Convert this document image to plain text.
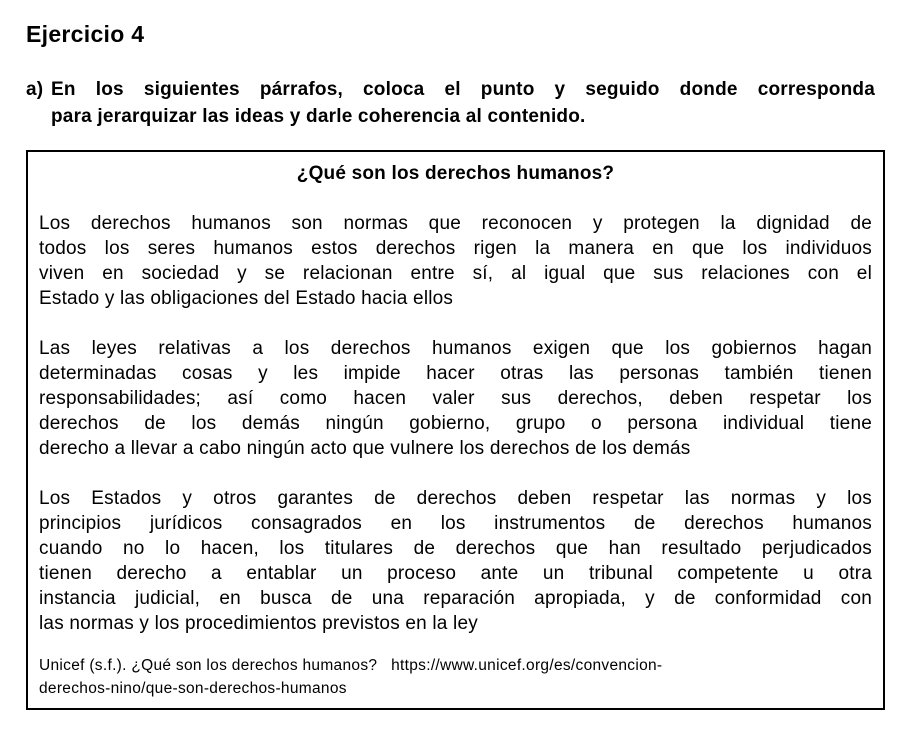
Ejercicio 4
a) En los siguientes párrafos, coloca el punto y seguido donde corresponda
para jerarquizar las ideas y darle coherencia al contenido.
¿Qué son los derechos humanos?
Los derechos humanos son normas que reconocen y protegen la dignidad de
todos los seres humanos estos derechos rigen la manera en que los individuos
viven en sociedad y se relacionan entre sí, al igual que sus relaciones con el
Estado y las obligaciones del Estado hacia ellos
Las leyes relativas a los derechos humanos exigen que los gobiernos hagan
determinadas cosas y les impide hacer otras las personas también tienen
responsabilidades; así como hacen valer sus derechos, deben respetar los
derechos de los demás ningún gobierno, grupo o persona individual tiene
derecho a llevar a cabo ningún acto que vulnere los derechos de los demás
Los Estados y otros garantes de derechos deben respetar las normas y los
principios jurídicos consagrados en los instrumentos de derechos humanos
cuando no lo hacen, los titulares de derechos que han resultado perjudicados
tienen derecho a entablar un proceso ante un tribunal competente u otra
instancia judicial, en busca de una reparación apropiada, y de conformidad con
las normas y los procedimientos previstos en la ley
Unicef (s.f.). ¿Qué son los derechos humanos?   https://www.unicef.org/es/convencion-
derechos-nino/que-son-derechos-humanos
